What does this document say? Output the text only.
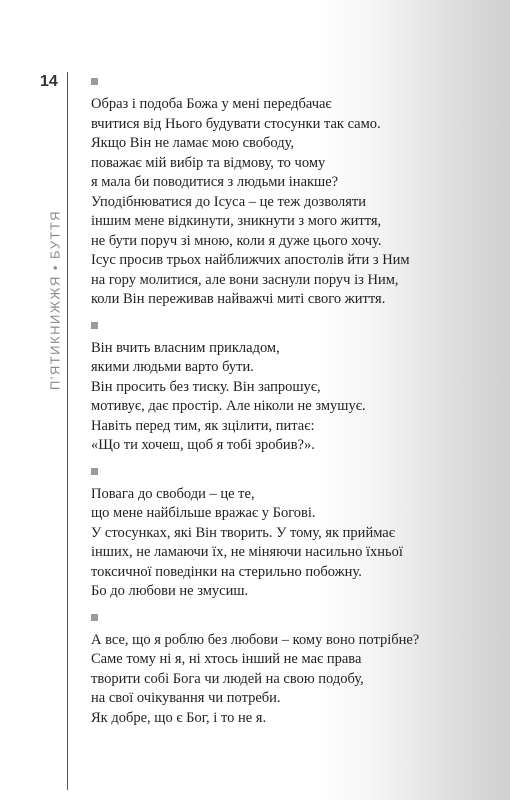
14
П'ЯТИКНИЖЖЯ • БУТТЯ
Образ і подоба Божа у мені передбачає
вчитися від Нього будувати стосунки так само.
Якщо Він не ламає мою свободу,
поважає мій вибір та відмову, то чому
я мала би поводитися з людьми інакше?
Уподібнюватися до Ісуса – це теж дозволяти
іншим мене відкинути, зникнути з мого життя,
не бути поруч зі мною, коли я дуже цього хочу.
Ісус просив трьох найближчих апостолів йти з Ним
на гору молитися, але вони заснули поруч із Ним,
коли Він переживав найважчі миті свого життя.
Він вчить власним прикладом,
якими людьми варто бути.
Він просить без тиску. Він запрошує,
мотивує, дає простір. Але ніколи не змушує.
Навіть перед тим, як зцілити, питає:
«Що ти хочеш, щоб я тобі зробив?».
Повага до свободи – це те,
що мене найбільше вражає у Богові.
У стосунках, які Він творить. У тому, як приймає
інших, не ламаючи їх, не міняючи насильно їхньої
токсичної поведінки на стерильно побожну.
Бо до любови не змусиш.
А все, що я роблю без любови – кому воно потрібне?
Саме тому ні я, ні хтось інший не має права
творити собі Бога чи людей на свою подобу,
на свої очікування чи потреби.
Як добре, що є Бог, і то не я.
